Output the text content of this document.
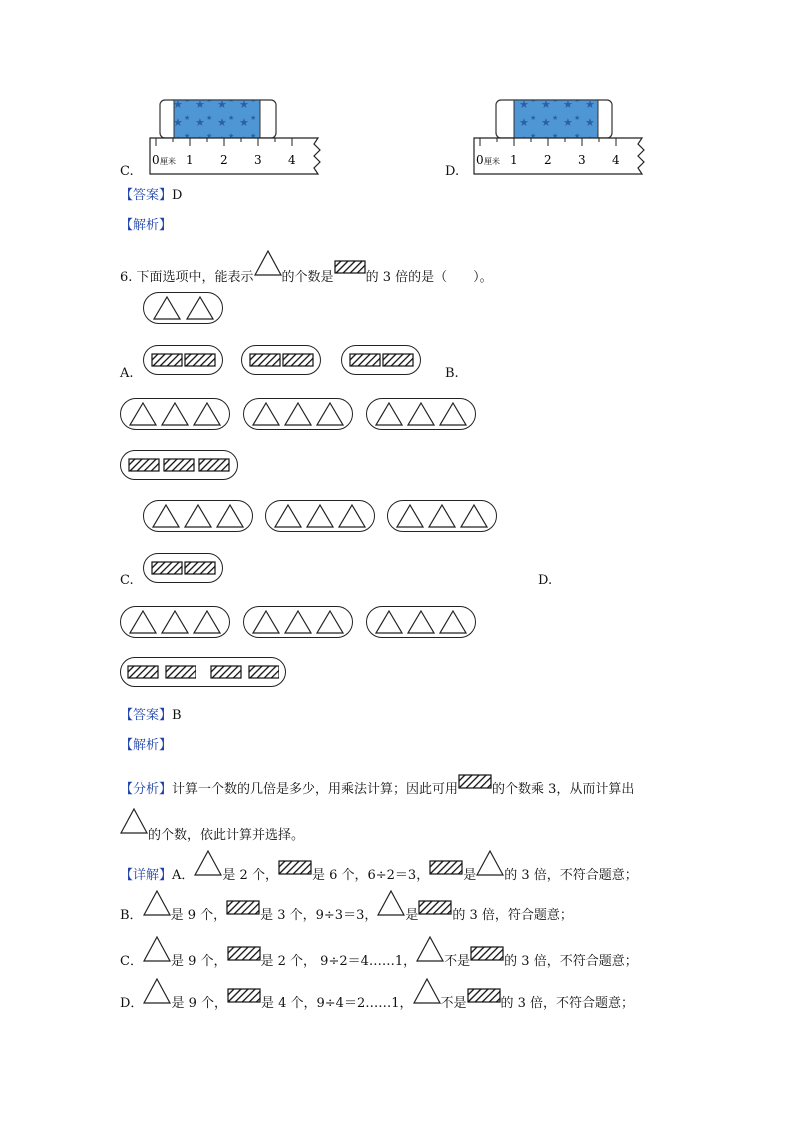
0 厘米 1 2 3 4
C.
0 厘米 1 2 3 4
D.
【答案】D
【解析】
6. 下面选项中，能表示 的个数是 的 3 倍的是（　　）。
A.	B.
C.	D.
【答案】B
【解析】
【分析】 计算一个数的几倍是多少，用乘法计算；因此可用	的个数乘 3，从而计算出
的个数，依此计算并选择。
【详解】 A． 是 2 个，	是 6 个，6÷2＝3，	是 的 3 倍，不符合题意；
B． 是 9 个，	是 3 个，9÷3＝3， 是	的 3 倍，符合题意；
C． 是 9 个，	是 2 个， 9÷2＝4……1， 不是	的 3 倍，不符合题意；
D． 是 9 个，	是 4 个，9÷4＝2……1， 不是	的 3 倍，不符合题意；
